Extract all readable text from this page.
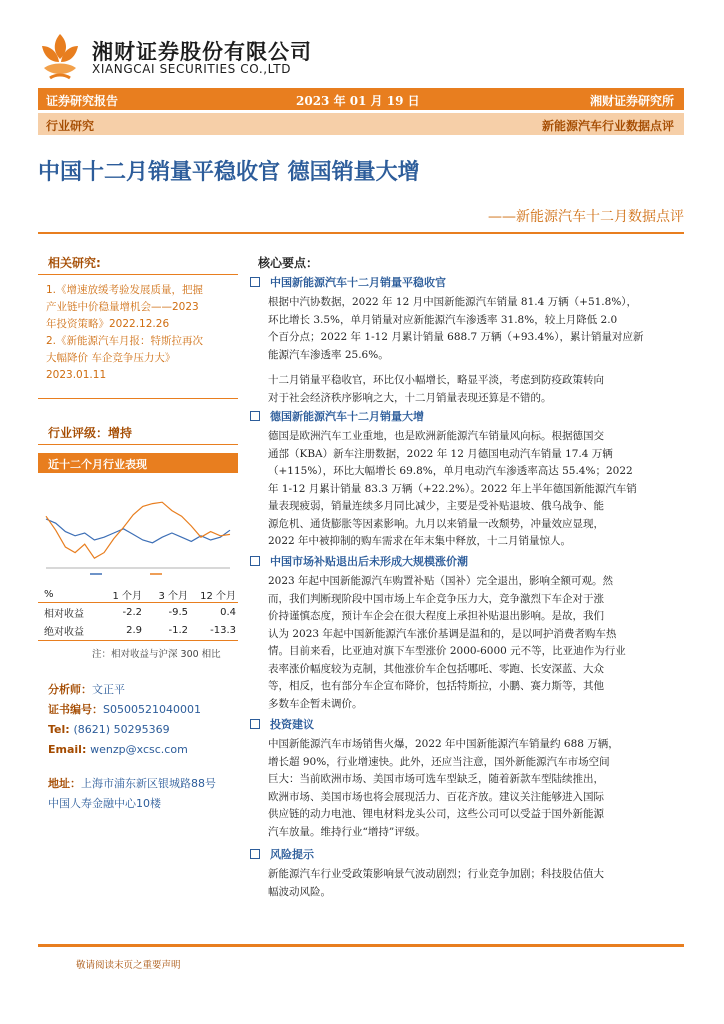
湘财证券股份有限公司
XIANGCAI SECURITIES CO.,LTD
证券研究报告	2023 年 01 月 19 日	湘财证券研究所
行业研究	新能源汽车行业数据点评
中国十二月销量平稳收官 德国销量大增
——新能源汽车十二月数据点评
相关研究:
1.《增速放缓考验发展质量，把握
产业链中价稳量增机会——2023
年投资策略》2022.12.26
2.《新能源汽车月报：特斯拉再次
大幅降价 车企竞争压力大》
2023.01.11
行业评级：增持
近十二个月行业表现
%	1 个月	3 个月	12 个月
相对收益	-2.2	-9.5	0.4
绝对收益	2.9	-1.2	-13.3
注：相对收益与沪深 300 相比
分析师：文正平
证书编号：S0500521040001
Tel: (8621) 50295369
Email: wenzp@xcsc.com
地址：上海市浦东新区银城路88号
中国人寿金融中心10楼
核心要点：
中国新能源汽车十二月销量平稳收官
根据中汽协数据，2022 年 12 月中国新能源汽车销量 81.4 万辆（+51.8%），
环比增长 3.5%，单月销量对应新能源汽车渗透率 31.8%，较上月降低 2.0
个百分点；2022 年 1-12 月累计销量 688.7 万辆（+93.4%），累计销量对应新
能源汽车渗透率 25.6%。
十二月销量平稳收官，环比仅小幅增长，略显平淡，考虑到防疫政策转向
对于社会经济秩序影响之大，十二月销量表现还算是不错的。
德国新能源汽车十二月销量大增
德国是欧洲汽车工业重地，也是欧洲新能源汽车销量风向标。根据德国交
通部（KBA）新车注册数据，2022 年 12 月德国电动汽车销量 17.4 万辆
（+115%），环比大幅增长 69.8%，单月电动汽车渗透率高达 55.4%；2022
年 1-12 月累计销量 83.3 万辆（+22.2%）。2022 年上半年德国新能源汽车销
量表现疲弱，销量连续多月同比减少，主要是受补贴退坡、俄乌战争、能
源危机、通货膨胀等因素影响。九月以来销量一改颓势，冲量效应显现，
2022 年中被抑制的购车需求在年末集中释放，十二月销量惊人。
中国市场补贴退出后未形成大规模涨价潮
2023 年起中国新能源汽车购置补贴（国补）完全退出，影响全额可观。然
而，我们判断现阶段中国市场上车企竞争压力大，竞争激烈下车企对于涨
价持谨慎态度，预计车企会在很大程度上承担补贴退出影响。是故，我们
认为 2023 年起中国新能源汽车涨价基调是温和的，是以呵护消费者购车热
情。目前来看，比亚迪对旗下车型涨价 2000-6000 元不等，比亚迪作为行业
表率涨价幅度较为克制，其他涨价车企包括哪吒、零跑、长安深蓝、大众
等，相反，也有部分车企宣布降价，包括特斯拉，小鹏、赛力斯等，其他
多数车企暂未调价。
投资建议
中国新能源汽车市场销售火爆，2022 年中国新能源汽车销量约 688 万辆，
增长超 90%，行业增速快。此外，还应当注意，国外新能源汽车市场空间
巨大：当前欧洲市场、美国市场可选车型缺乏，随着新款车型陆续推出，
欧洲市场、美国市场也将会展现活力、百花齐放。建议关注能够进入国际
供应链的动力电池、锂电材料龙头公司，这些公司可以受益于国外新能源
汽车放量。维持行业“增持”评级。
风险提示
新能源汽车行业受政策影响景气波动剧烈；行业竞争加剧；科技股估值大
幅波动风险。
敬请阅读末页之重要声明
